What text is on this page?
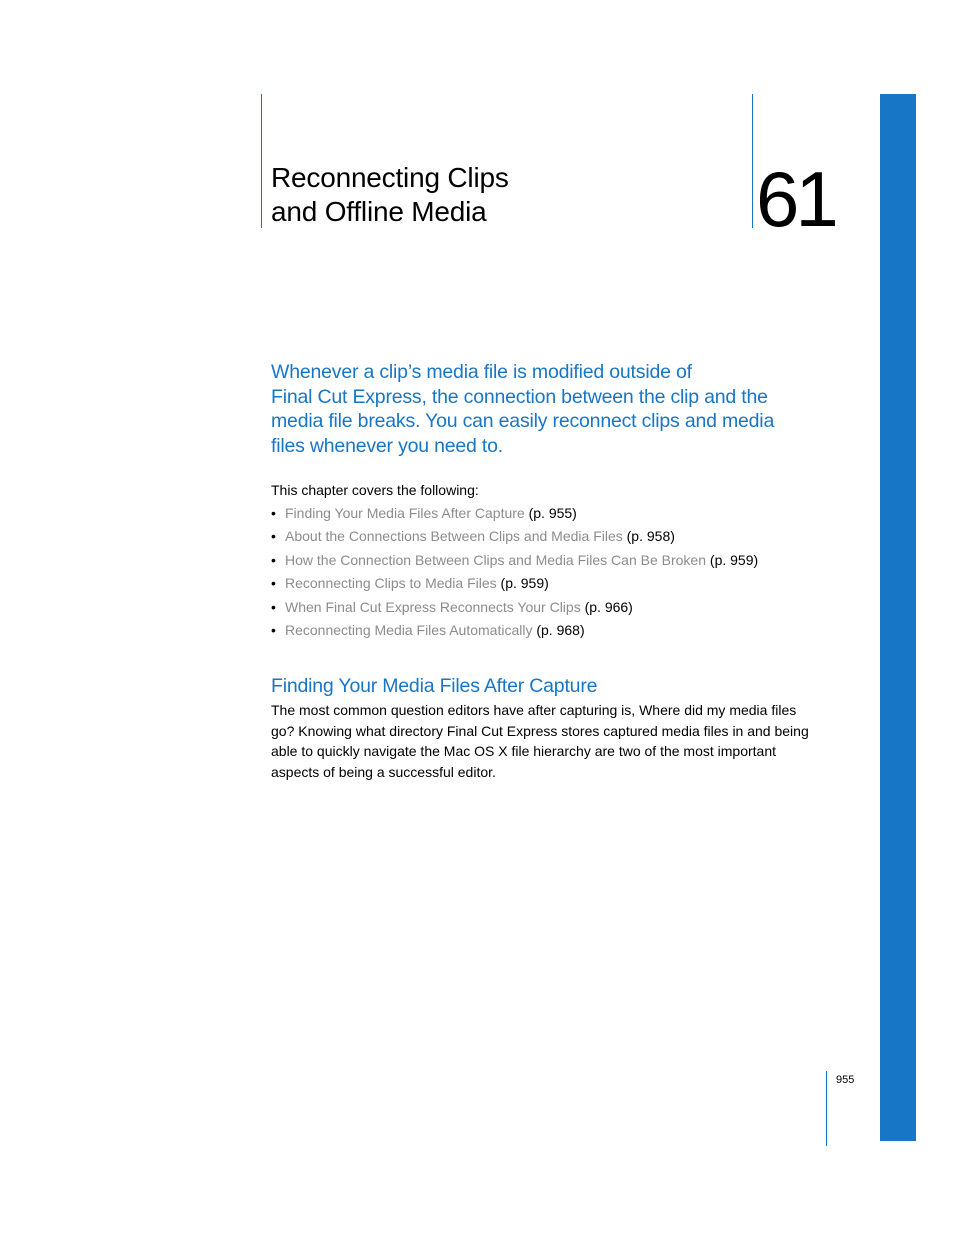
Reconnecting Clips
and Offline Media	61

Whenever a clip’s media file is modified outside of
Final Cut Express, the connection between the clip and the
media file breaks. You can easily reconnect clips and media
files whenever you need to.

This chapter covers the following:
• Finding Your Media Files After Capture (p. 955)
• About the Connections Between Clips and Media Files (p. 958)
• How the Connection Between Clips and Media Files Can Be Broken (p. 959)
• Reconnecting Clips to Media Files (p. 959)
• When Final Cut Express Reconnects Your Clips (p. 966)
• Reconnecting Media Files Automatically (p. 968)
Finding Your Media Files After Capture

The most common question editors have after capturing is, Where did my media files
go? Knowing what directory Final Cut Express stores captured media files in and being
able to quickly navigate the Mac OS X file hierarchy are two of the most important
aspects of being a successful editor.

955
